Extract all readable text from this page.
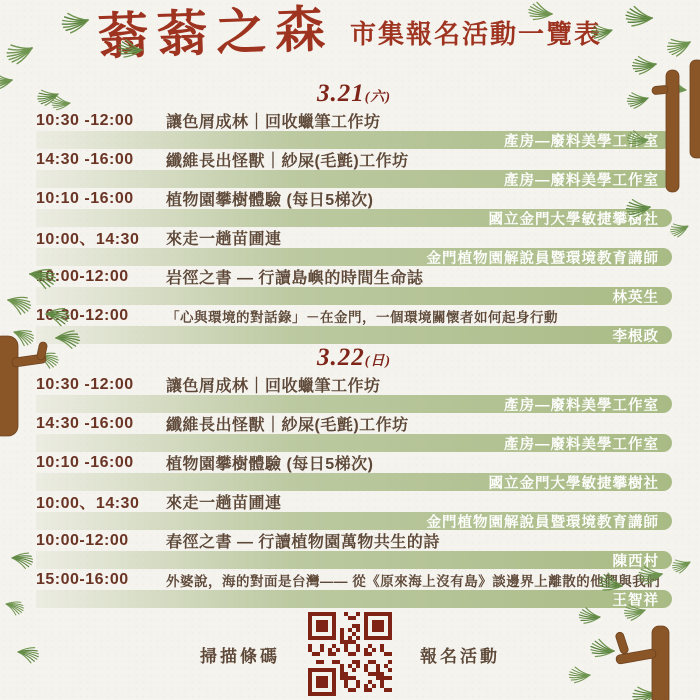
蓊蓊之森 市集報名活動一覽表
3.21(六)
10:30 -12:00	讓色屑成林｜回收蠟筆工作坊
產房—廢料美學工作室
14:30 -16:00	纖維長出怪獸｜紗屎(毛氈)工作坊
產房—廢料美學工作室
10:10 -16:00	植物園攀樹體驗 (每日5梯次)
國立金門大學敏捷攀樹社
10:00、14:30	來走一趟苗圃連
金門植物園解說員暨環境教育講師
10:00-12:00	岩徑之書 — 行讀島嶼的時間生命誌
林英生
10:30-12:00	「心與環境的對話錄」－在金門，一個環境關懷者如何起身行動
李根政
3.22(日)
10:30 -12:00	讓色屑成林｜回收蠟筆工作坊
產房—廢料美學工作室
14:30 -16:00	纖維長出怪獸｜紗屎(毛氈)工作坊
產房—廢料美學工作室
10:10 -16:00	植物園攀樹體驗 (每日5梯次)
國立金門大學敏捷攀樹社
10:00、14:30	來走一趟苗圃連
金門植物園解說員暨環境教育講師
10:00-12:00	春徑之書 — 行讀植物園萬物共生的詩
陳西村
15:00-16:00	外婆說，海的對面是台灣—— 從《原來海上沒有島》談邊界上離散的他們與我們
王智祥
掃描條碼	報名活動
